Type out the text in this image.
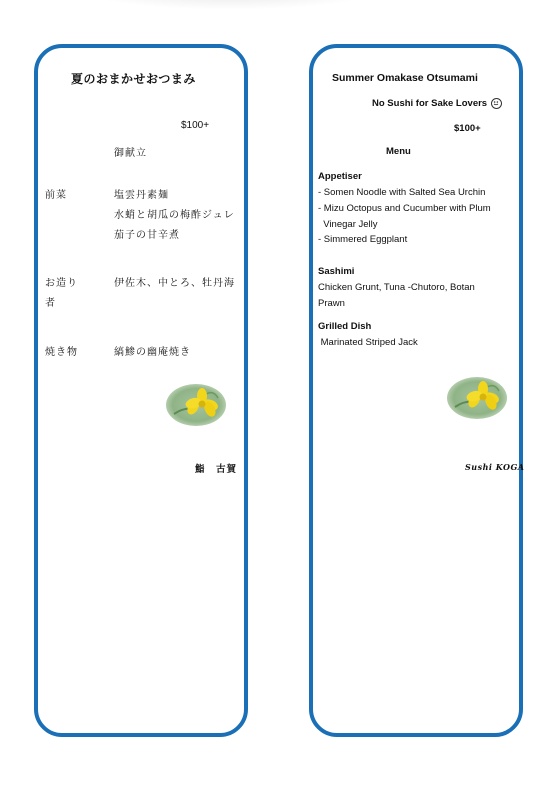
夏のおまかせおつまみ
$100+
御献立
前菜	塩雲丹素麺
水蛸と胡瓜の梅酢ジュレ
茄子の甘辛煮
お造り
者
伊佐木、中とろ、牡丹海
焼き物	縞鯵の幽庵焼き
鮨　古賀
Summer Omakase Otsumami
No Sushi for Sake Lovers
$100+
Menu
Appetiser
- Somen Noodle with Salted Sea Urchin
- Mizu Octopus and Cucumber with Plum
Vinegar Jelly
- Simmered Eggplant
Sashimi
Chicken Grunt, Tuna -Chutoro, Botan
Prawn
Grilled Dish
Marinated Striped Jack
Sushi KOGA
